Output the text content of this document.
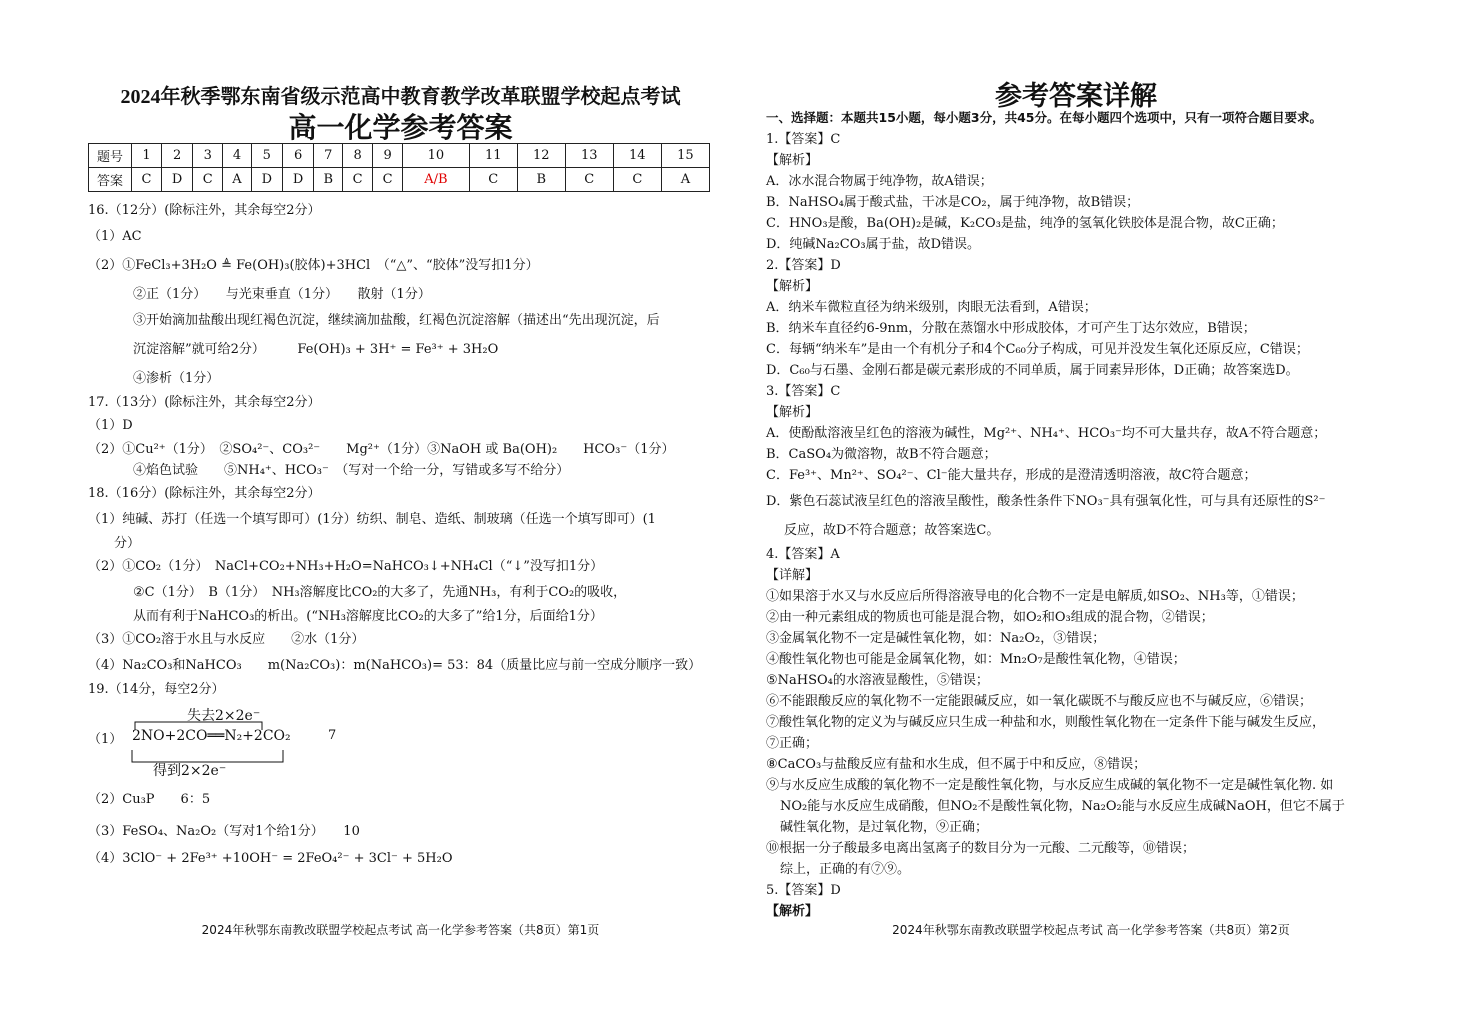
2024年秋季鄂东南省级示范高中教育教学改革联盟学校起点考试
高一化学参考答案
题号	1	2	3	4	5	6	7	8	9	10	11	12	13	14	15
答案	C	D	C	A	D	D	B	C	C	A/B	C	B	C	C	A
16.（12分）(除标注外，其余每空2分）
（1）AC
（2）①FeCl₃+3H₂O ≜ Fe(OH)₃(胶体)+3HCl　（“△”、“胶体”没写扣1分）
②正（1分）　　与光束垂直（1分）　　散射（1分）
③开始滴加盐酸出现红褐色沉淀，继续滴加盐酸，红褐色沉淀溶解（描述出“先出现沉淀，后
沉淀溶解”就可给2分）　　　Fe(OH)₃ + 3H⁺ = Fe³⁺ + 3H₂O
④渗析（1分）
17.（13分）(除标注外，其余每空2分）
（1）D
（2）①Cu²⁺（1分）　②SO₄²⁻、CO₃²⁻　　Mg²⁺（1分）③NaOH 或 Ba(OH)₂　　HCO₃⁻（1分）
④焰色试验　　⑤NH₄⁺、HCO₃⁻　（写对一个给一分，写错或多写不给分）
18.（16分）(除标注外，其余每空2分）
（1）纯碱、苏打（任选一个填写即可）(1分）纺织、制皂、造纸、制玻璃（任选一个填写即可）(1
分）
（2）①CO₂（1分）　NaCl+CO₂+NH₃+H₂O=NaHCO₃↓+NH₄Cl（“↓”没写扣1分）
②C（1分）　B（1分）　NH₃溶解度比CO₂的大多了，先通NH₃，有利于CO₂的吸收，
从而有利于NaHCO₃的析出。(“NH₃溶解度比CO₂的大多了”给1分，后面给1分）
（3）①CO₂溶于水且与水反应　　②水（1分）
（4）Na₂CO₃和NaHCO₃　　m(Na₂CO₃)：m(NaHCO₃)= 53：84（质量比应与前一空成分顺序一致）
19.（14分，每空2分）
（1）
失去2×2e⁻
2NO+2CO══N₂+2CO₂	7
得到2×2e⁻
（2）Cu₃P　　6：5
（3）FeSO₄、Na₂O₂（写对1个给1分）　　10
（4）3ClO⁻ + 2Fe³⁺ +10OH⁻ = 2FeO₄²⁻ + 3Cl⁻ + 5H₂O
2024年秋鄂东南教改联盟学校起点考试 高一化学参考答案（共8页）第1页
参考答案详解
一、选择题：本题共15小题，每小题3分，共45分。在每小题四个选项中，只有一项符合题目要求。
1.【答案】C
【解析】
A．冰水混合物属于纯净物，故A错误；
B．NaHSO₄属于酸式盐，干冰是CO₂，属于纯净物，故B错误；
C．HNO₃是酸，Ba(OH)₂是碱，K₂CO₃是盐，纯净的氢氧化铁胶体是混合物，故C正确；
D．纯碱Na₂CO₃属于盐，故D错误。
2.【答案】D
【解析】
A．纳米车微粒直径为纳米级别，肉眼无法看到，A错误；
B．纳米车直径约6-9nm，分散在蒸馏水中形成胶体，才可产生丁达尔效应，B错误；
C．每辆“纳米车”是由一个有机分子和4个C₆₀分子构成，可见并没发生氧化还原反应，C错误；
D．C₆₀与石墨、金刚石都是碳元素形成的不同单质，属于同素异形体，D正确；故答案选D。
3.【答案】C
【解析】
A．使酚酞溶液呈红色的溶液为碱性，Mg²⁺、NH₄⁺、HCO₃⁻均不可大量共存，故A不符合题意；
B．CaSO₄为微溶物，故B不符合题意；
C．Fe³⁺、Mn²⁺、SO₄²⁻、Cl⁻能大量共存，形成的是澄清透明溶液，故C符合题意；
D．紫色石蕊试液呈红色的溶液呈酸性，酸条性条件下NO₃⁻具有强氧化性，可与具有还原性的S²⁻
反应，故D不符合题意；故答案选C。
4.【答案】A
【详解】
①如果溶于水又与水反应后所得溶液导电的化合物不一定是电解质,如SO₂、NH₃等，①错误；
②由一种元素组成的物质也可能是混合物，如O₂和O₃组成的混合物，②错误；
③金属氧化物不一定是碱性氧化物，如：Na₂O₂，③错误；
④酸性氧化物也可能是金属氧化物，如：Mn₂O₇是酸性氧化物，④错误；
⑤NaHSO₄的水溶液显酸性，⑤错误；
⑥不能跟酸反应的氧化物不一定能跟碱反应，如一氧化碳既不与酸反应也不与碱反应，⑥错误；
⑦酸性氧化物的定义为与碱反应只生成一种盐和水，则酸性氧化物在一定条件下能与碱发生反应，
⑦正确；
⑧CaCO₃与盐酸反应有盐和水生成，但不属于中和反应，⑧错误；
⑨与水反应生成酸的氧化物不一定是酸性氧化物，与水反应生成碱的氧化物不一定是碱性氧化物. 如
NO₂能与水反应生成硝酸，但NO₂不是酸性氧化物，Na₂O₂能与水反应生成碱NaOH，但它不属于
碱性氧化物，是过氧化物，⑨正确；
⑩根据一分子酸最多电离出氢离子的数目分为一元酸、二元酸等，⑩错误；
综上，正确的有⑦⑨。
5.【答案】D
【解析】
2024年秋鄂东南教改联盟学校起点考试 高一化学参考答案（共8页）第2页
